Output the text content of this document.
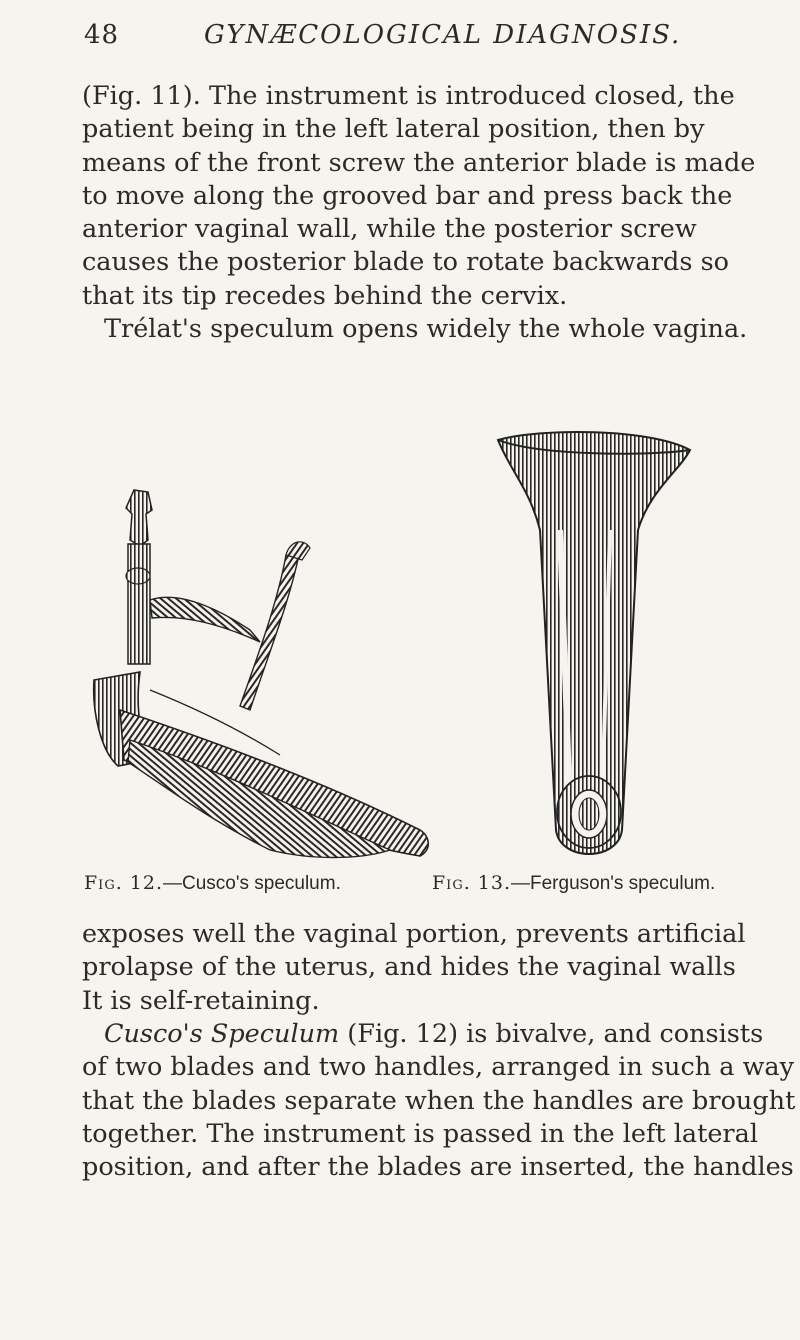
48	GYNÆCOLOGICAL DIAGNOSIS.
(Fig. 11). The instrument is introduced closed, the
patient being in the left lateral position, then by
means of the front screw the anterior blade is made
to move along the grooved bar and press back the
anterior vaginal wall, while the posterior screw
causes the posterior blade to rotate backwards so
that its tip recedes behind the cervix.
Trélat's speculum opens widely the whole vagina.
Fig. 12.—Cusco's speculum.	Fig. 13.—Ferguson's speculum.
exposes well the vaginal portion, prevents artificial
prolapse of the uterus, and hides the vaginal walls
It is self-retaining.
Cusco's Speculum (Fig. 12) is bivalve, and consists
of two blades and two handles, arranged in such a way
that the blades separate when the handles are brought
together. The instrument is passed in the left lateral
position, and after the blades are inserted, the handles
